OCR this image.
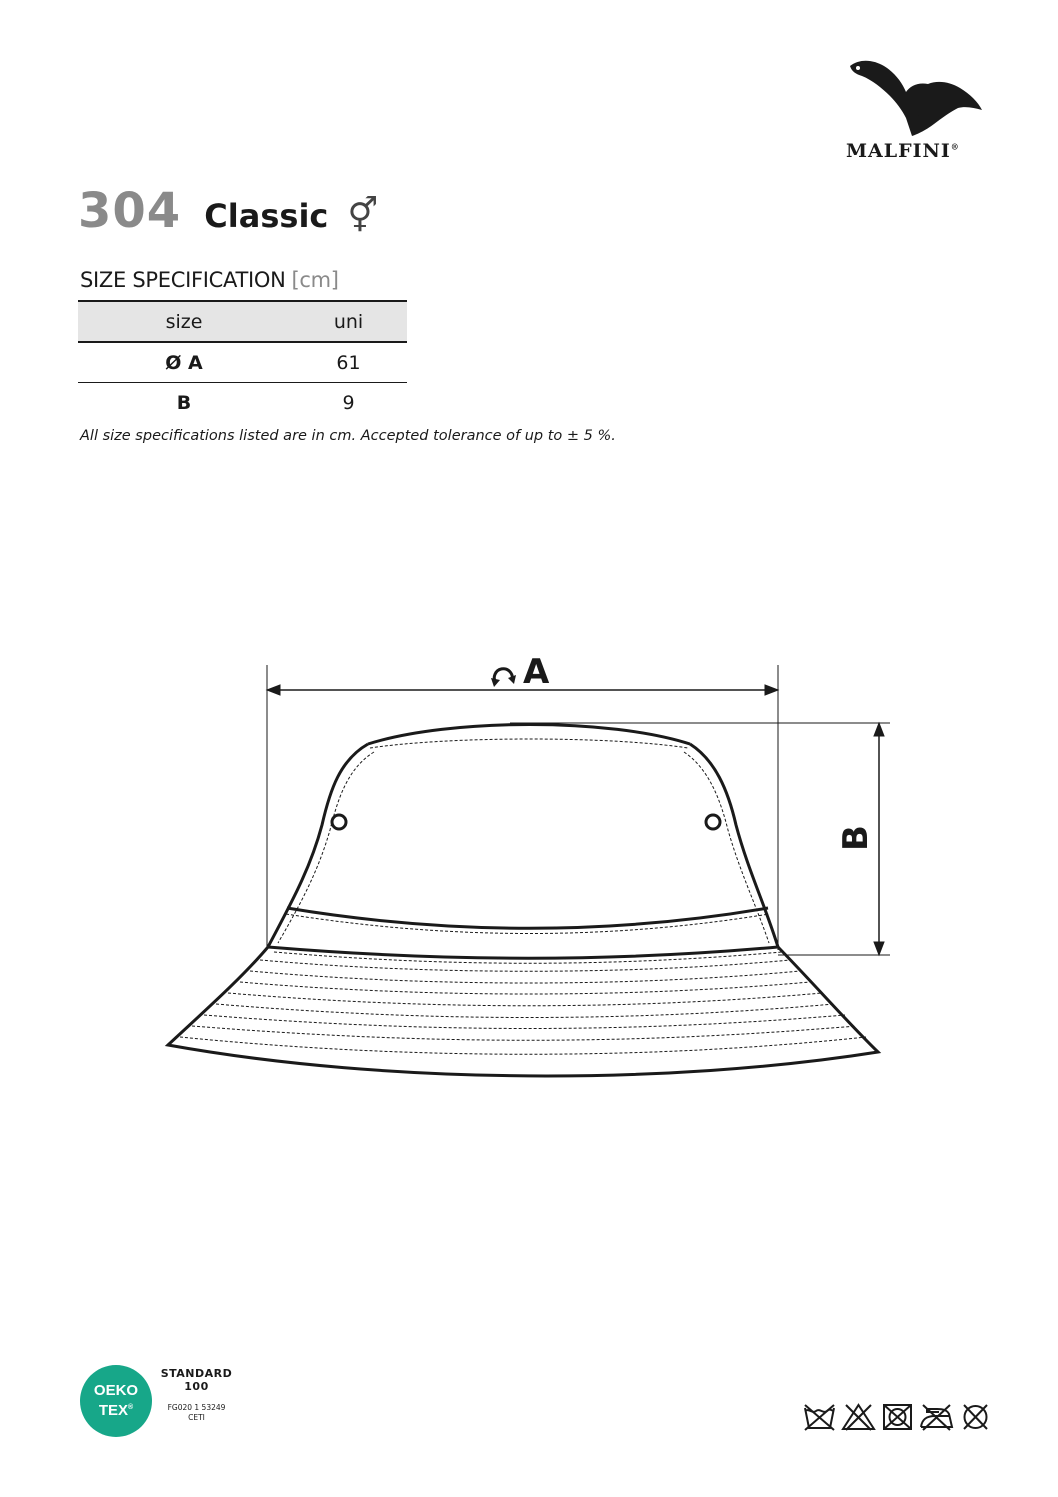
MALFINI®
304 Classic ⚥
SIZE SPECIFICATION [cm]
size	uni
Ø A	61
B	9
All size specifications listed are in cm. Accepted tolerance of up to ± 5 %.
A
B
OEKO
TEX®
STANDARD
100
FG020 1 53249
CETI
